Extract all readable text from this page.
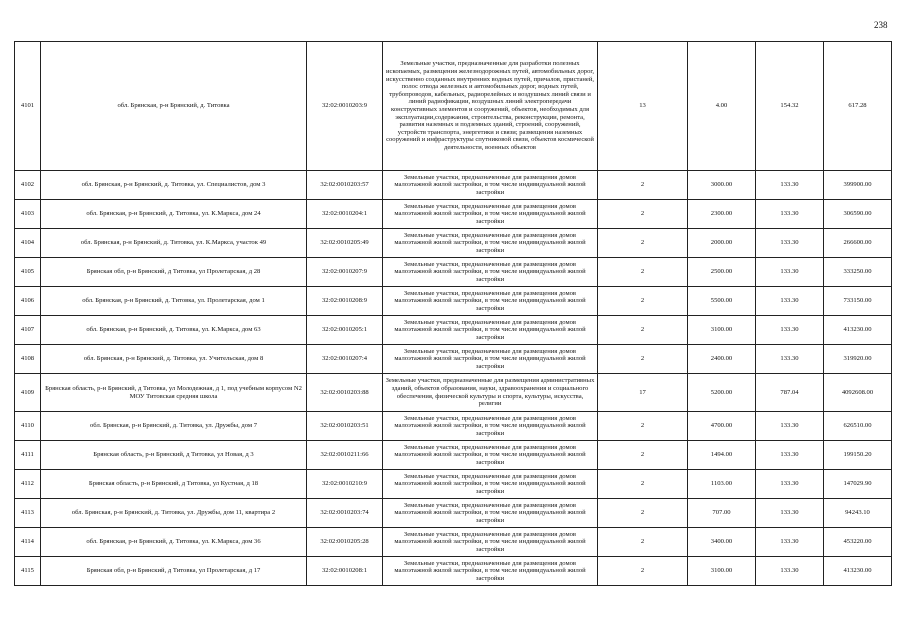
238
4101	обл. Брянская, р-н Брянский, д. Титовка	32:02:0010203:9	Земельные участки, предназначенные для разработки полезных ископаемых, размещения железнодорожных путей, автомобильных дорог, искусственно созданных внутренних водных путей, причалов, пристаней, полос отвода железных и автомобильных дорог, водных путей, трубопроводов, кабельных, радиорелейных и воздушных линий связи и линий радиофикации, воздушных линий электропередачи конструктивных элементов и сооружений, объектов, необходимых для эксплуатации,содержания, строительства, реконструкции, ремонта, развития наземных и подземных зданий, строений, сооружений, устройств транспорта, энергетики и связи; размещения наземных сооружений и инфраструктуры спутниковой связи, объектов космической деятельности, военных объектов	13	4.00	154.32	617.28
4102	обл. Брянская, р-н Брянский, д. Титовка, ул. Специалистов, дом 3	32:02:0010203:57	Земельные участки, предназначенные для размещения домов малоэтажной жилой застройки, в том числе индивидуальной жилой застройки	2	3000.00	133.30	399900.00
4103	обл. Брянская, р-н Брянский, д. Титовка, ул. К.Маркса, дом 24	32:02:0010204:1	Земельные участки, предназначенные для размещения домов малоэтажной жилой застройки, в том числе индивидуальной жилой застройки	2	2300.00	133.30	306590.00
4104	обл. Брянская, р-н Брянский, д. Титовка, ул. К.Маркса, участок 49	32:02:0010205:49	Земельные участки, предназначенные для размещения домов малоэтажной жилой застройки, в том числе индивидуальной жилой застройки	2	2000.00	133.30	266600.00
4105	Брянская обл, р-н Брянский, д Титовка, ул Пролетарская, д 28	32:02:0010207:9	Земельные участки, предназначенные для размещения домов малоэтажной жилой застройки, в том числе индивидуальной жилой застройки	2	2500.00	133.30	333250.00
4106	обл. Брянская, р-н Брянский, д. Титовка, ул. Пролетарская, дом 1	32:02:0010208:9	Земельные участки, предназначенные для размещения домов малоэтажной жилой застройки, в том числе индивидуальной жилой застройки	2	5500.00	133.30	733150.00
4107	обл. Брянская, р-н Брянский, д. Титовка, ул. К.Маркса, дом 63	32:02:0010205:1	Земельные участки, предназначенные для размещения домов малоэтажной жилой застройки, в том числе индивидуальной жилой застройки	2	3100.00	133.30	413230.00
4108	обл. Брянская, р-н Брянский, д. Титовка, ул. Учительская, дом 8	32:02:0010207:4	Земельные участки, предназначенные для размещения домов малоэтажной жилой застройки, в том числе индивидуальной жилой застройки	2	2400.00	133.30	319920.00
4109	Брянская область, р-н Брянский, д Титовка, ул Молодежная, д 1, под учебным корпусом N2 МОУ Титовская средняя школа	32:02:0010203:88	Земельные участки, предназначенные для размещения административных зданий, объектов образования, науки, здравоохранения и социального обеспечения, физической культуры и спорта, культуры, искусства, религии	17	5200.00	787.04	4092608.00
4110	обл. Брянская, р-н Брянский, д. Титовка, ул. Дружбы, дом 7	32:02:0010203:51	Земельные участки, предназначенные для размещения домов малоэтажной жилой застройки, в том числе индивидуальной жилой застройки	2	4700.00	133.30	626510.00
4111	Брянская область, р-н Брянский, д Титовка, ул Новая, д 3	32:02:0010211:66	Земельные участки, предназначенные для размещения домов малоэтажной жилой застройки, в том числе индивидуальной жилой застройки	2	1494.00	133.30	199150.20
4112	Брянская область, р-н Брянский, д Титовка, ул Кустная, д 18	32:02:0010210:9	Земельные участки, предназначенные для размещения домов малоэтажной жилой застройки, в том числе индивидуальной жилой застройки	2	1103.00	133.30	147029.90
4113	обл. Брянская, р-н Брянский, д. Титовка, ул. Дружбы, дом 11, квартира 2	32:02:0010203:74	Земельные участки, предназначенные для размещения домов малоэтажной жилой застройки, в том числе индивидуальной жилой застройки	2	707.00	133.30	94243.10
4114	обл. Брянская, р-н Брянский, д. Титовка, ул. К.Маркса, дом 36	32:02:0010205:28	Земельные участки, предназначенные для размещения домов малоэтажной жилой застройки, в том числе индивидуальной жилой застройки	2	3400.00	133.30	453220.00
4115	Брянская обл, р-н Брянский, д Титовка, ул Пролетарская, д 17	32:02:0010208:1	Земельные участки, предназначенные для размещения домов малоэтажной жилой застройки, в том числе индивидуальной жилой застройки	2	3100.00	133.30	413230.00
